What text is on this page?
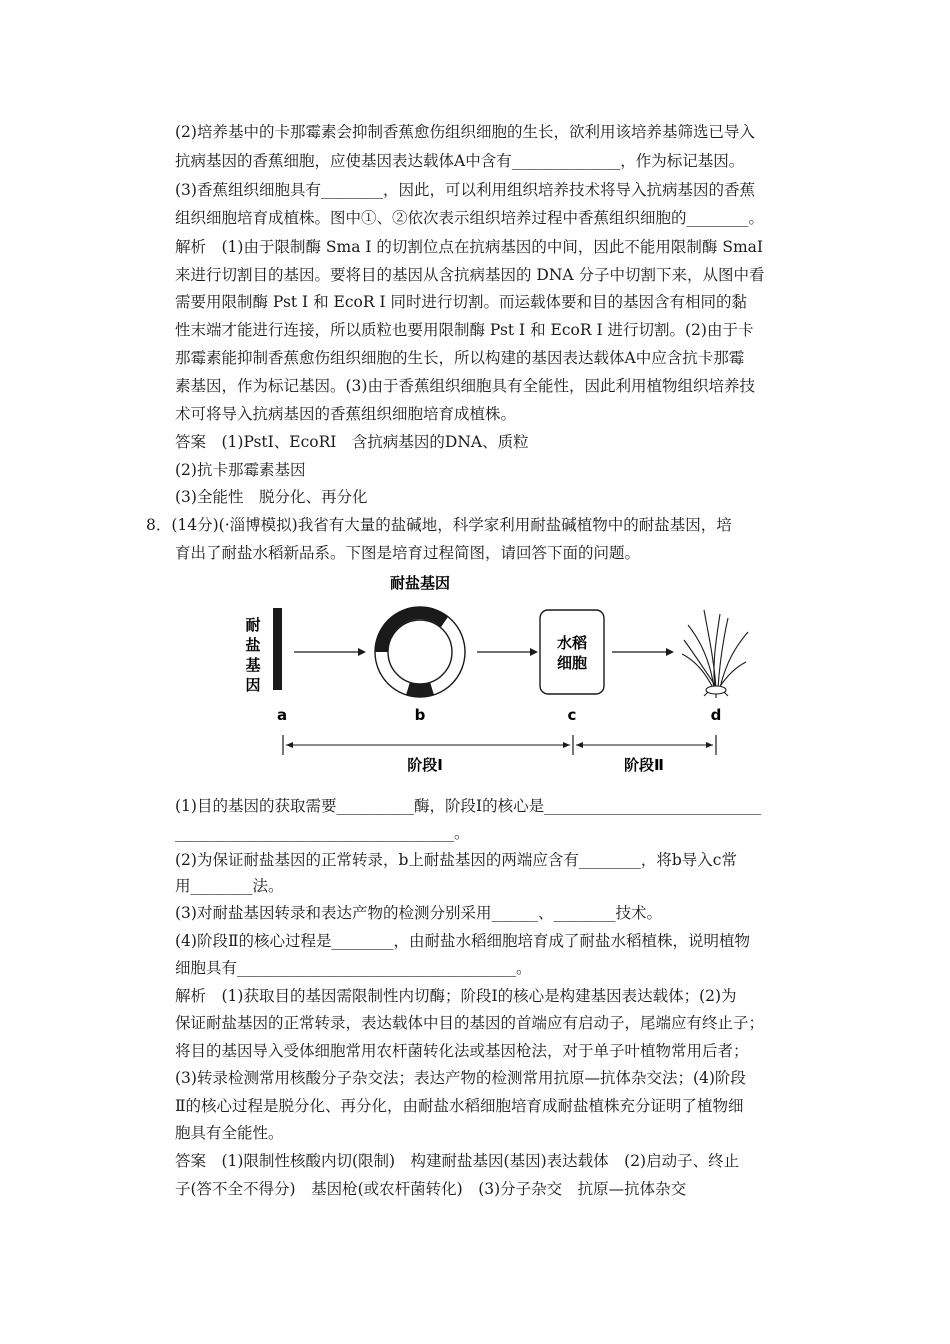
(2)培养基中的卡那霉素会抑制香蕉愈伤组织细胞的生长，欲利用该培养基筛选已导入
抗病基因的香蕉细胞，应使基因表达载体A中含有______________，作为标记基因。
(3)香蕉组织细胞具有________，因此，可以利用组织培养技术将导入抗病基因的香蕉
组织细胞培育成植株。图中①、②依次表示组织培养过程中香蕉组织细胞的________。
解析　(1)由于限制酶 Sma Ⅰ 的切割位点在抗病基因的中间，因此不能用限制酶 SmaⅠ
来进行切割目的基因。要将目的基因从含抗病基因的 DNA 分子中切割下来，从图中看
需要用限制酶 Pst Ⅰ 和 EcoR Ⅰ 同时进行切割。而运载体要和目的基因含有相同的黏
性末端才能进行连接，所以质粒也要用限制酶 Pst Ⅰ 和 EcoR Ⅰ 进行切割。(2)由于卡
那霉素能抑制香蕉愈伤组织细胞的生长，所以构建的基因表达载体A中应含抗卡那霉
素基因，作为标记基因。(3)由于香蕉组织细胞具有全能性，因此利用植物组织培养技
术可将导入抗病基因的香蕉组织细胞培育成植株。
答案　(1)PstⅠ、EcoRⅠ　含抗病基因的DNA、质粒
(2)抗卡那霉素基因
(3)全能性　脱分化、再分化
8．(14分)(·淄博模拟)我省有大量的盐碱地，科学家利用耐盐碱植物中的耐盐基因，培
育出了耐盐水稻新品系。下图是培育过程简图，请回答下面的问题。
耐盐基因
耐
盐
基
因
水稻
细胞
a	b	c	d
阶段Ⅰ	阶段Ⅱ
(1)目的基因的获取需要__________酶，阶段Ⅰ的核心是____________________________
____________________________________。
(2)为保证耐盐基因的正常转录，b上耐盐基因的两端应含有________，将b导入c常
用________法。
(3)对耐盐基因转录和表达产物的检测分别采用______、________技术。
(4)阶段Ⅱ的核心过程是________，由耐盐水稻细胞培育成了耐盐水稻植株，说明植物
细胞具有____________________________________。
解析　(1)获取目的基因需限制性内切酶；阶段Ⅰ的核心是构建基因表达载体；(2)为
保证耐盐基因的正常转录，表达载体中目的基因的首端应有启动子，尾端应有终止子；
将目的基因导入受体细胞常用农杆菌转化法或基因枪法，对于单子叶植物常用后者；
(3)转录检测常用核酸分子杂交法；表达产物的检测常用抗原—抗体杂交法；(4)阶段
Ⅱ的核心过程是脱分化、再分化，由耐盐水稻细胞培育成耐盐植株充分证明了植物细
胞具有全能性。
答案　(1)限制性核酸内切(限制)　构建耐盐基因(基因)表达载体　(2)启动子、终止
子(答不全不得分)　基因枪(或农杆菌转化)　(3)分子杂交　抗原—抗体杂交
